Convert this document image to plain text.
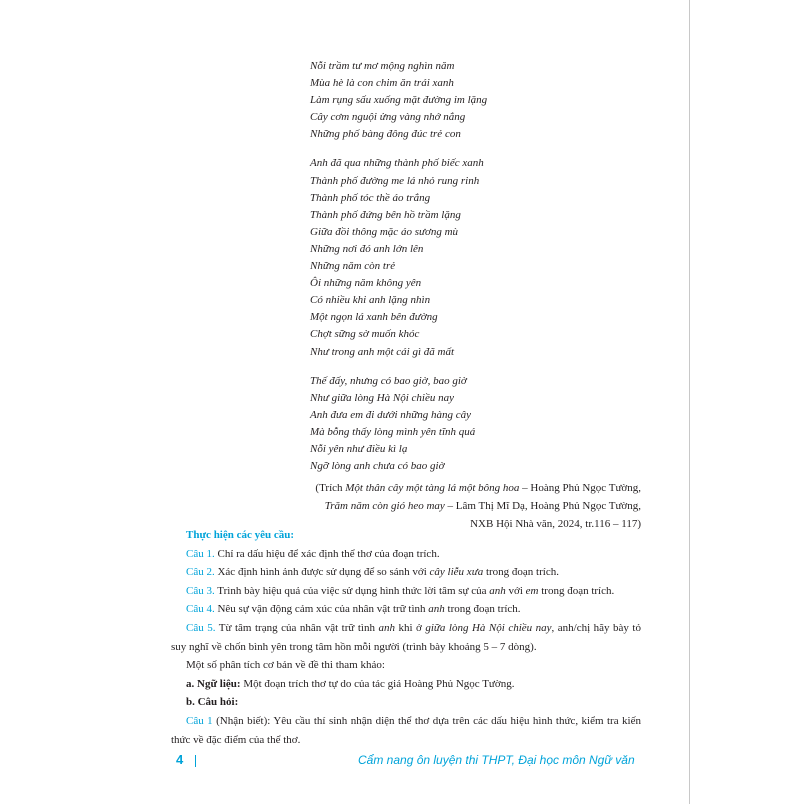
Nỗi trầm tư mơ mộng nghìn năm
Mùa hè là con chim ăn trái xanh
Làm rụng sấu xuống mặt đường im lặng
Cây cơm nguội ửng vàng nhớ nắng
Những phố bàng đông đúc trẻ con
Anh đã qua những thành phố biếc xanh
Thành phố đường me lá nhỏ rung rinh
Thành phố tóc thề áo trắng
Thành phố đứng bên hồ trầm lặng
Giữa đồi thông mặc áo sương mù
Những nơi đó anh lớn lên
Những năm còn trẻ
Ôi những năm không yên
Có nhiều khi anh lặng nhìn
Một ngọn lá xanh bên đường
Chợt sững sờ muốn khóc
Như trong anh một cái gì đã mất
Thế đấy, nhưng có bao giờ, bao giờ
Như giữa lòng Hà Nội chiều nay
Anh đưa em đi dưới những hàng cây
Mà bỗng thấy lòng mình yên tĩnh quá
Nỗi yên như điều kì lạ
Ngỡ lòng anh chưa có bao giờ
(Trích Một thân cây một tàng lá một bông hoa – Hoàng Phủ Ngọc Tường,
Trăm năm còn gió heo may – Lâm Thị Mĩ Dạ, Hoàng Phủ Ngọc Tường,
NXB Hội Nhà văn, 2024, tr.116 – 117)
Thực hiện các yêu cầu:
Câu 1. Chỉ ra dấu hiệu để xác định thể thơ của đoạn trích.
Câu 2. Xác định hình ảnh được sử dụng để so sánh với cây liễu xưa trong đoạn trích.
Câu 3. Trình bày hiệu quả của việc sử dụng hình thức lời tâm sự của anh với em trong đoạn trích.
Câu 4. Nêu sự vận động cảm xúc của nhân vật trữ tình anh trong đoạn trích.
Câu 5. Từ tâm trạng của nhân vật trữ tình anh khi ở giữa lòng Hà Nội chiều nay, anh/chị hãy bày tỏ suy nghĩ về chốn bình yên trong tâm hồn mỗi người (trình bày khoảng 5 – 7 dòng).
Một số phân tích cơ bản về đề thi tham khảo:
a. Ngữ liệu: Một đoạn trích thơ tự do của tác giả Hoàng Phủ Ngọc Tường.
b. Câu hỏi:
Câu 1 (Nhận biết): Yêu cầu thí sinh nhận diện thể thơ dựa trên các dấu hiệu hình thức, kiểm tra kiến thức về đặc điểm của thể thơ.
4	Cẩm nang ôn luyện thi THPT, Đại học môn Ngữ văn
